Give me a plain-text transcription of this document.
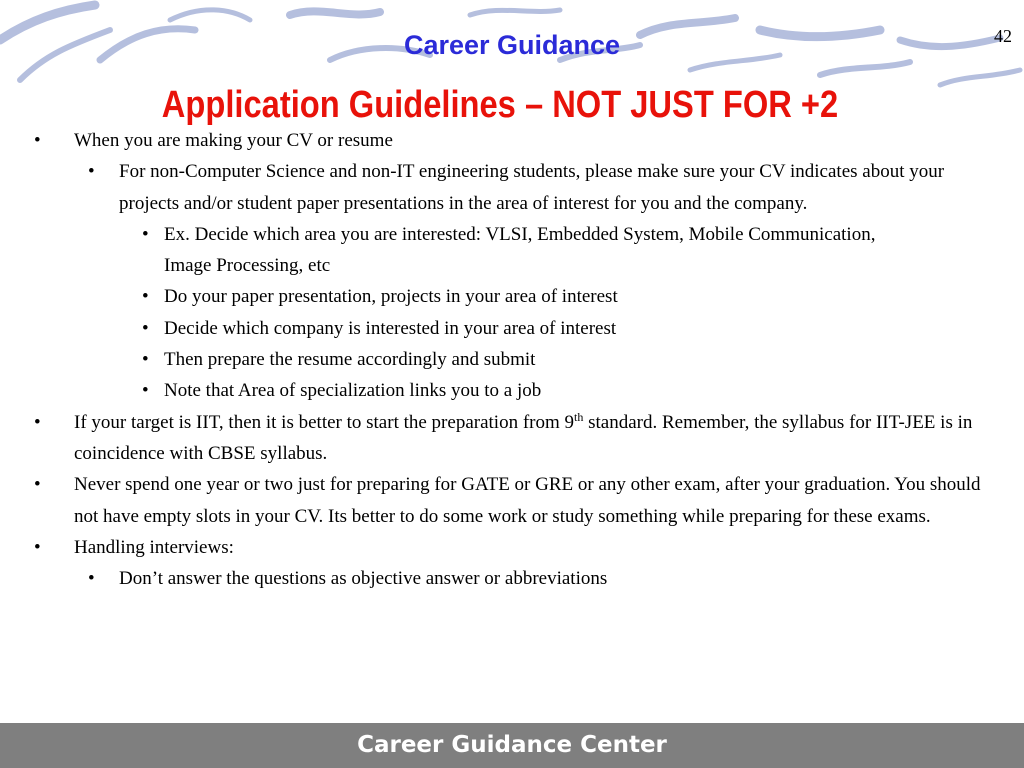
42
Career Guidance
Application Guidelines – NOT JUST FOR +2
• When you are making your CV or resume
• For non-Computer Science and non-IT engineering students, please make sure your CV indicates about your projects and/or student paper presentations in the area of interest for you and the company.
• Ex. Decide which area you are interested: VLSI, Embedded System, Mobile Communication, Image Processing, etc
• Do your paper presentation, projects in your area of interest
• Decide which company is interested in your area of interest
• Then prepare the resume accordingly and submit
• Note that Area of specialization links you to a job
• If your target is IIT, then it is better to start the preparation from 9th standard. Remember, the syllabus for IIT-JEE is in coincidence with CBSE syllabus.
• Never spend one year or two just for preparing for GATE or GRE or any other exam, after your graduation. You should not have empty slots in your CV. Its better to do some work or study something while preparing for these exams.
• Handling interviews:
• Don’t answer the questions as objective answer or abbreviations
Career Guidance Center
